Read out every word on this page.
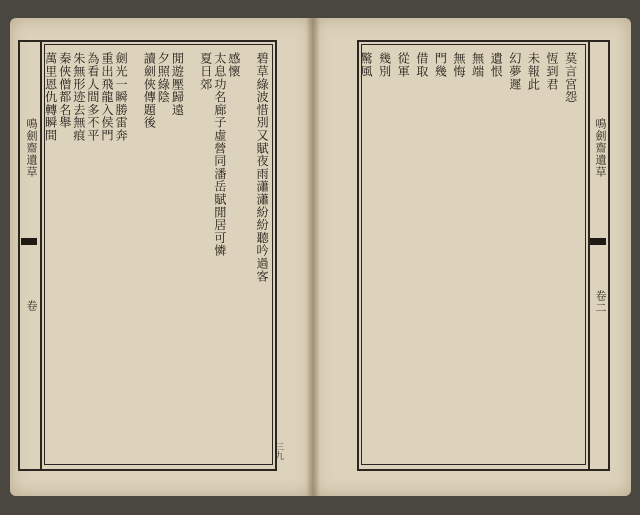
鳴劍齋遺草
卷
鳴劍齋遺草
卷二
三九
碧草綠波惜別又賦夜雨瀟瀟紛紛聽吟過客
感懷
太息功名廊子虛營同潘岳賦閒居可憐
夏日郊
閒遊壓歸遠
夕照綠陰
讀劍俠傳題後
劍光一瞬勝雷奔
重出飛龍入侯門
為看人間多不平
朱無形迹去無痕
秦俠僧都名舉
萬里恩仇轉瞬間	莫言宮怨
恆到君
未報此
幻夢遲
遺恨
無端
無悔
門幾
借取
從軍
幾別
驚風
